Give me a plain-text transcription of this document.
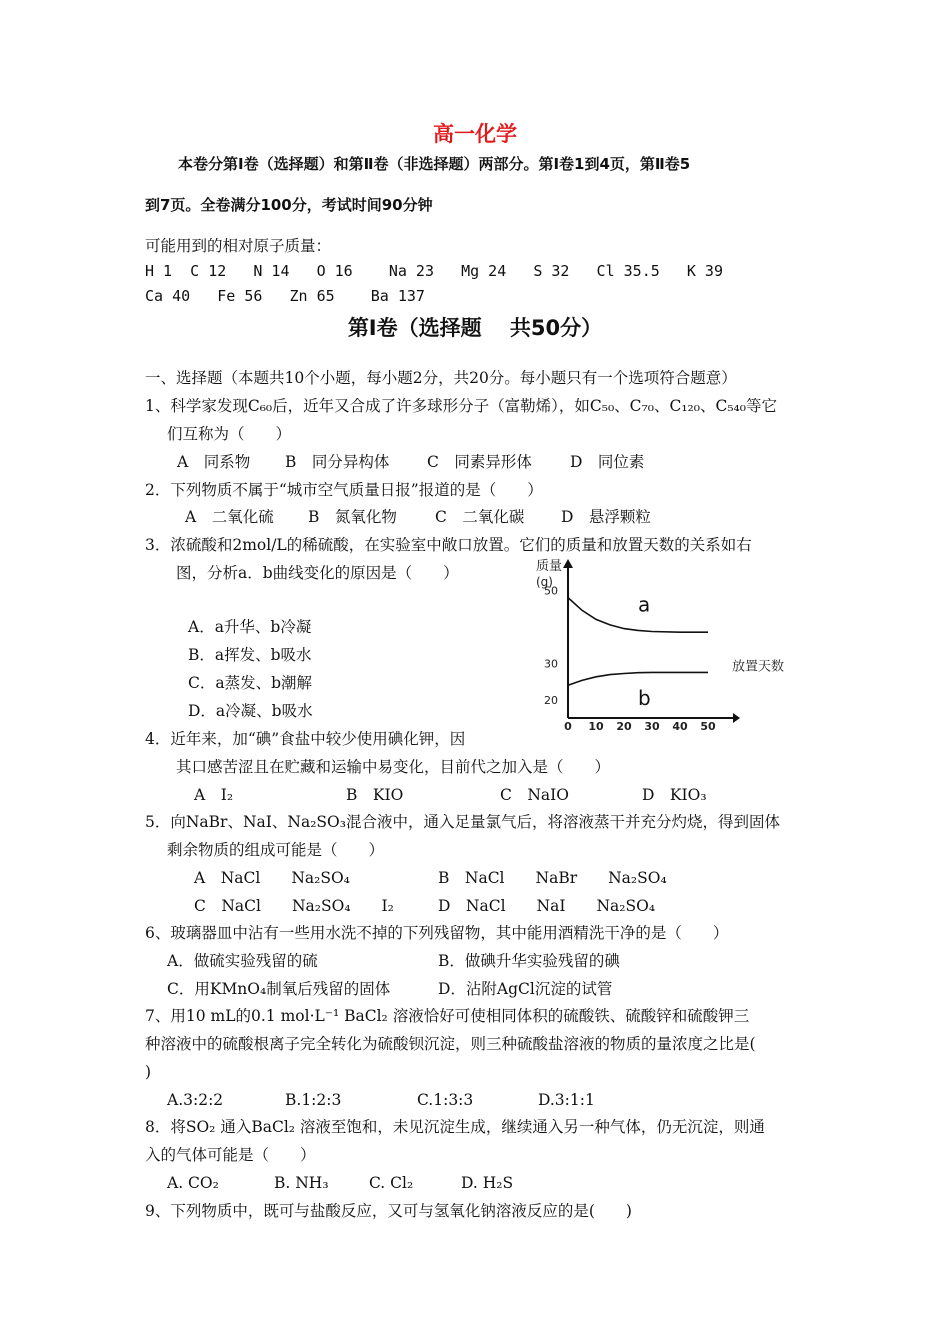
高一化学
本卷分第Ⅰ卷（选择题）和第Ⅱ卷（非选择题）两部分。第Ⅰ卷1到4页，第Ⅱ卷5
到7页。全卷满分100分，考试时间90分钟
可能用到的相对原子质量：
H 1  C 12   N 14   O 16    Na 23   Mg 24   S 32   Cl 35.5   K 39
Ca 40   Fe 56   Zn 65    Ba 137
第Ⅰ卷（选择题　 共50分）
一、选择题（本题共10个小题，每小题2分，共20分。每小题只有一个选项符合题意）
1、科学家发现C₆₀后，近年又合成了许多球形分子（富勒烯），如C₅₀、C₇₀、C₁₂₀、C₅₄₀等它
们互称为（　　）
A　同系物 B　同分异构体 C　同素异形体 D　同位素
2．下列物质不属于“城市空气质量日报”报道的是（　　）
A　二氧化硫 B　氮氧化物 C　二氧化碳 D　悬浮颗粒
3．浓硫酸和2mol/L的稀硫酸，在实验室中敞口放置。它们的质量和放置天数的关系如右
图，分析a．b曲线变化的原因是（　　）
A．a升华、b冷凝
B．a挥发、b吸水
C．a蒸发、b潮解
D．a冷凝、b吸水
质量
(g)
放置天数
0 10 20 30 40 50
20
30
50
a
b
4．近年来，加“碘”食盐中较少使用碘化钾，因
其口感苦涩且在贮藏和运输中易变化，目前代之加入是（　　）
A　I₂	B　KIO	C　NaIO	D　KIO₃
5．向NaBr、NaI、Na₂SO₃混合液中，通入足量氯气后，将溶液蒸干并充分灼烧，得到固体
剩余物质的组成可能是（　　）
A　NaCl　　Na₂SO₄	B　NaCl　　NaBr　　Na₂SO₄
C　NaCl　　Na₂SO₄　　I₂	D　NaCl　　NaI　　Na₂SO₄
6、玻璃器皿中沾有一些用水洗不掉的下列残留物，其中能用酒精洗干净的是（　　）
A．做硫实验残留的硫	B．做碘升华实验残留的碘
C．用KMnO₄制氧后残留的固体	D．沾附AgCl沉淀的试管
7、用10 mL的0.1 mol·L⁻¹ BaCl₂ 溶液恰好可使相同体积的硫酸铁、硫酸锌和硫酸钾三
种溶液中的硫酸根离子完全转化为硫酸钡沉淀，则三种硫酸盐溶液的物质的量浓度之比是(
)
A.3:2:2	B.1:2:3	C.1:3:3	D.3:1:1
8．将SO₂ 通入BaCl₂ 溶液至饱和，未见沉淀生成，继续通入另一种气体，仍无沉淀，则通
入的气体可能是（　　）
A. CO₂	B. NH₃	C. Cl₂	D. H₂S
9、下列物质中，既可与盐酸反应，又可与氢氧化钠溶液反应的是(　　)
